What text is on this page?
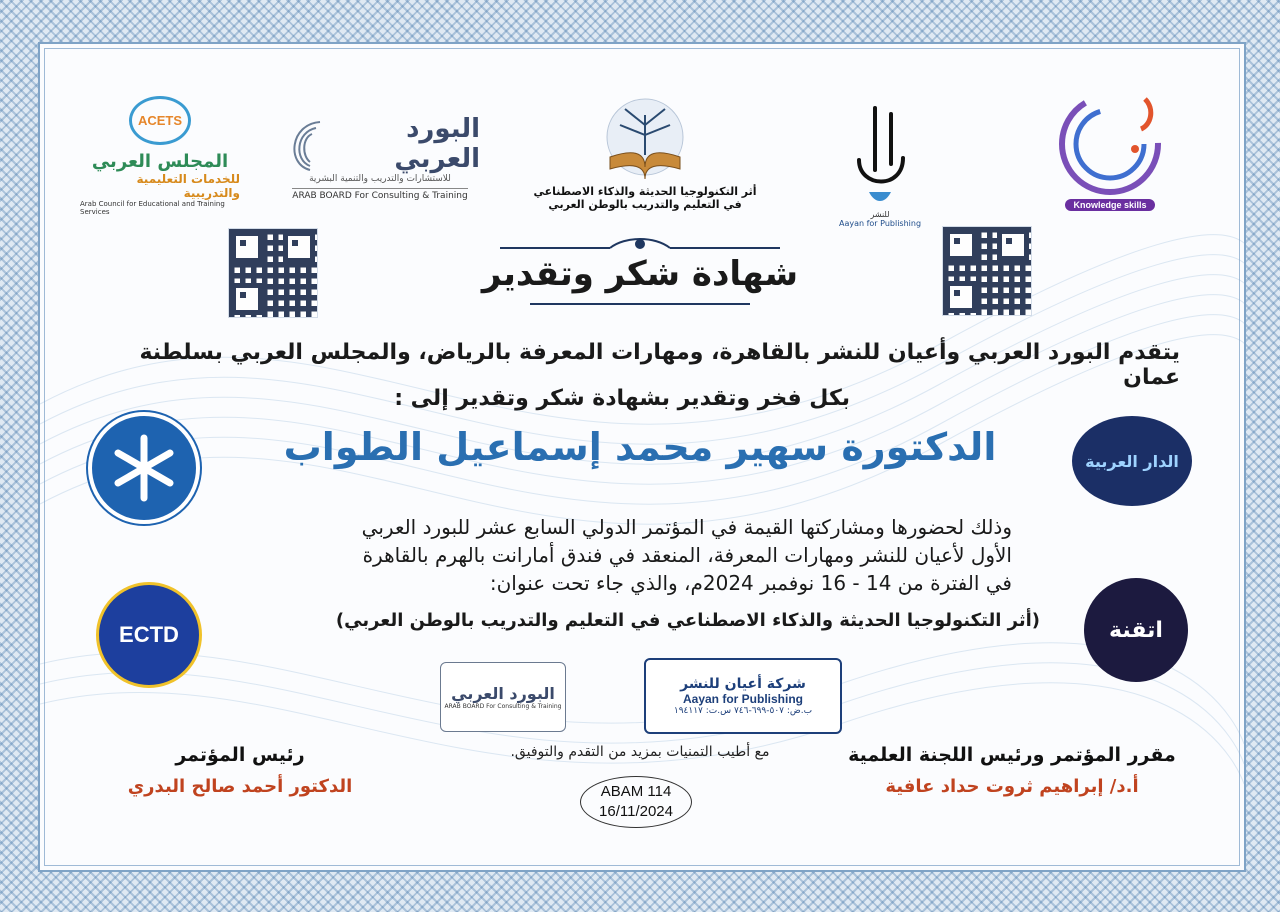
ACETS
المجلس العربي
للخدمات التعليمية والتدريبية
Arab Council for Educational and Training Services
البورد العربي
للاستشارات والتدريب والتنمية البشرية
ARAB BOARD For Consulting & Training	أثر التكنولوجيا الحديثة والذكاء الاصطناعي
في التعليم والتدريب بالوطن العربي
للنشر
Aayan for Publishing
Knowledge skills
شهادة شكر وتقدير
يتقدم البورد العربي وأعيان للنشر بالقاهرة، ومهارات المعرفة بالرياض، والمجلس العربي بسلطنة عمان
بكل فخر وتقدير بشهادة شكر وتقدير إلى :
الدكتورة سهير محمد إسماعيل الطواب	الدار العربية
ECTD	اتقنة
وذلك لحضورها ومشاركتها القيمة في المؤتمر الدولي السابع عشر للبورد العربي
الأول لأعيان للنشر ومهارات المعرفة، المنعقد في فندق أمارانت بالهرم بالقاهرة
في الفترة من 14 - 16 نوفمبر 2024م، والذي جاء تحت عنوان:
(أثر التكنولوجيا الحديثة والذكاء الاصطناعي في التعليم والتدريب بالوطن العربي)
البورد العربي
ARAB BOARD For Consulting & Training
شركة أعيان للنشر
Aayan for Publishing
ب.ض: ٥٠٧-٦٩٩-٧٤٦ س.ت: ١٩٤١١٧
مع أطيب التمنيات بمزيد من التقدم والتوفيق.
ABAM 114
16/11/2024
مقرر المؤتمر ورئيس اللجنة العلمية
أ.د/ إبراهيم ثروت حداد عافية
رئيس المؤتمر
الدكتور أحمد صالح البدري
